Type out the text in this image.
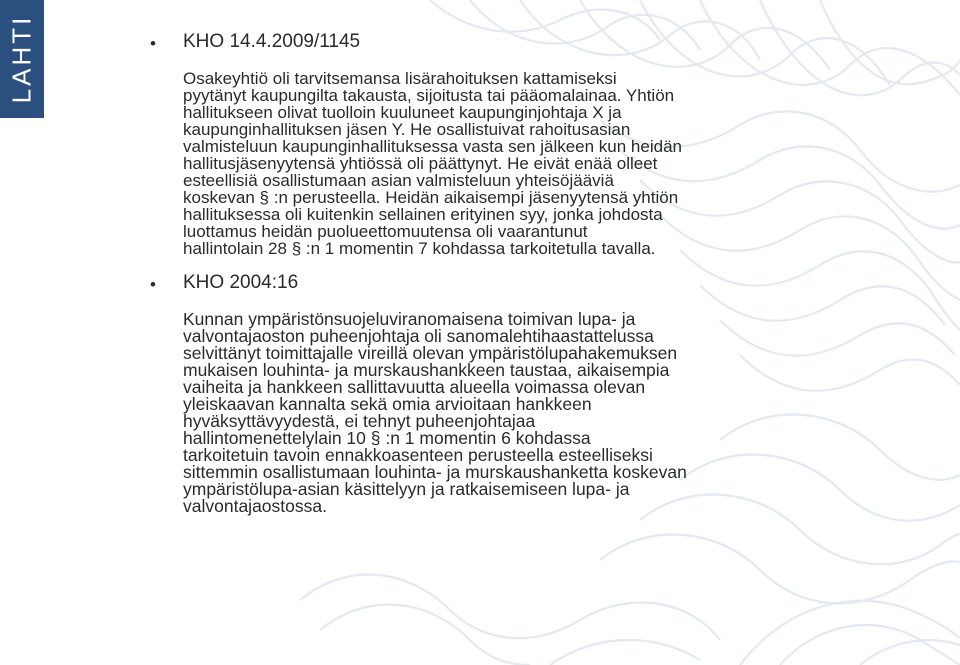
LAHTI	• KHO 14.4.2009/1145

Osakeyhtiö oli tarvitsemansa lisärahoituksen kattamiseksi
pyytänyt kaupungilta takausta, sijoitusta tai pääomalainaa. Yhtiön
hallitukseen olivat tuolloin kuuluneet kaupunginjohtaja X ja
kaupunginhallituksen jäsen Y. He osallistuivat rahoitusasian
valmisteluun kaupunginhallituksessa vasta sen jälkeen kun heidän
hallitusjäsenyytensä yhtiössä oli päättynyt. He eivät enää olleet
esteellisiä osallistumaan asian valmisteluun yhteisöjääviä
koskevan § :n perusteella. Heidän aikaisempi jäsenyytensä yhtiön
hallituksessa oli kuitenkin sellainen erityinen syy, jonka johdosta
luottamus heidän puolueettomuutensa oli vaarantunut
hallintolain 28 § :n 1 momentin 7 kohdassa tarkoitetulla tavalla.

• KHO 2004:16

Kunnan ympäristönsuojeluviranomaisena toimivan lupa- ja
valvontajaoston puheenjohtaja oli sanomalehtihaastattelussa
selvittänyt toimittajalle vireillä olevan ympäristölupahakemuksen
mukaisen louhinta- ja murskaushankkeen taustaa, aikaisempia
vaiheita ja hankkeen sallittavuutta alueella voimassa olevan
yleiskaavan kannalta sekä omia arvioitaan hankkeen
hyväksyttävyydestä, ei tehnyt puheenjohtajaa
hallintomenettelylain 10 § :n 1 momentin 6 kohdassa
tarkoitetuin tavoin ennakkoasenteen perusteella esteelliseksi
sittemmin osallistumaan louhinta- ja murskaushanketta koskevan
ympäristölupa-asian käsittelyyn ja ratkaisemiseen lupa- ja
valvontajaostossa.
